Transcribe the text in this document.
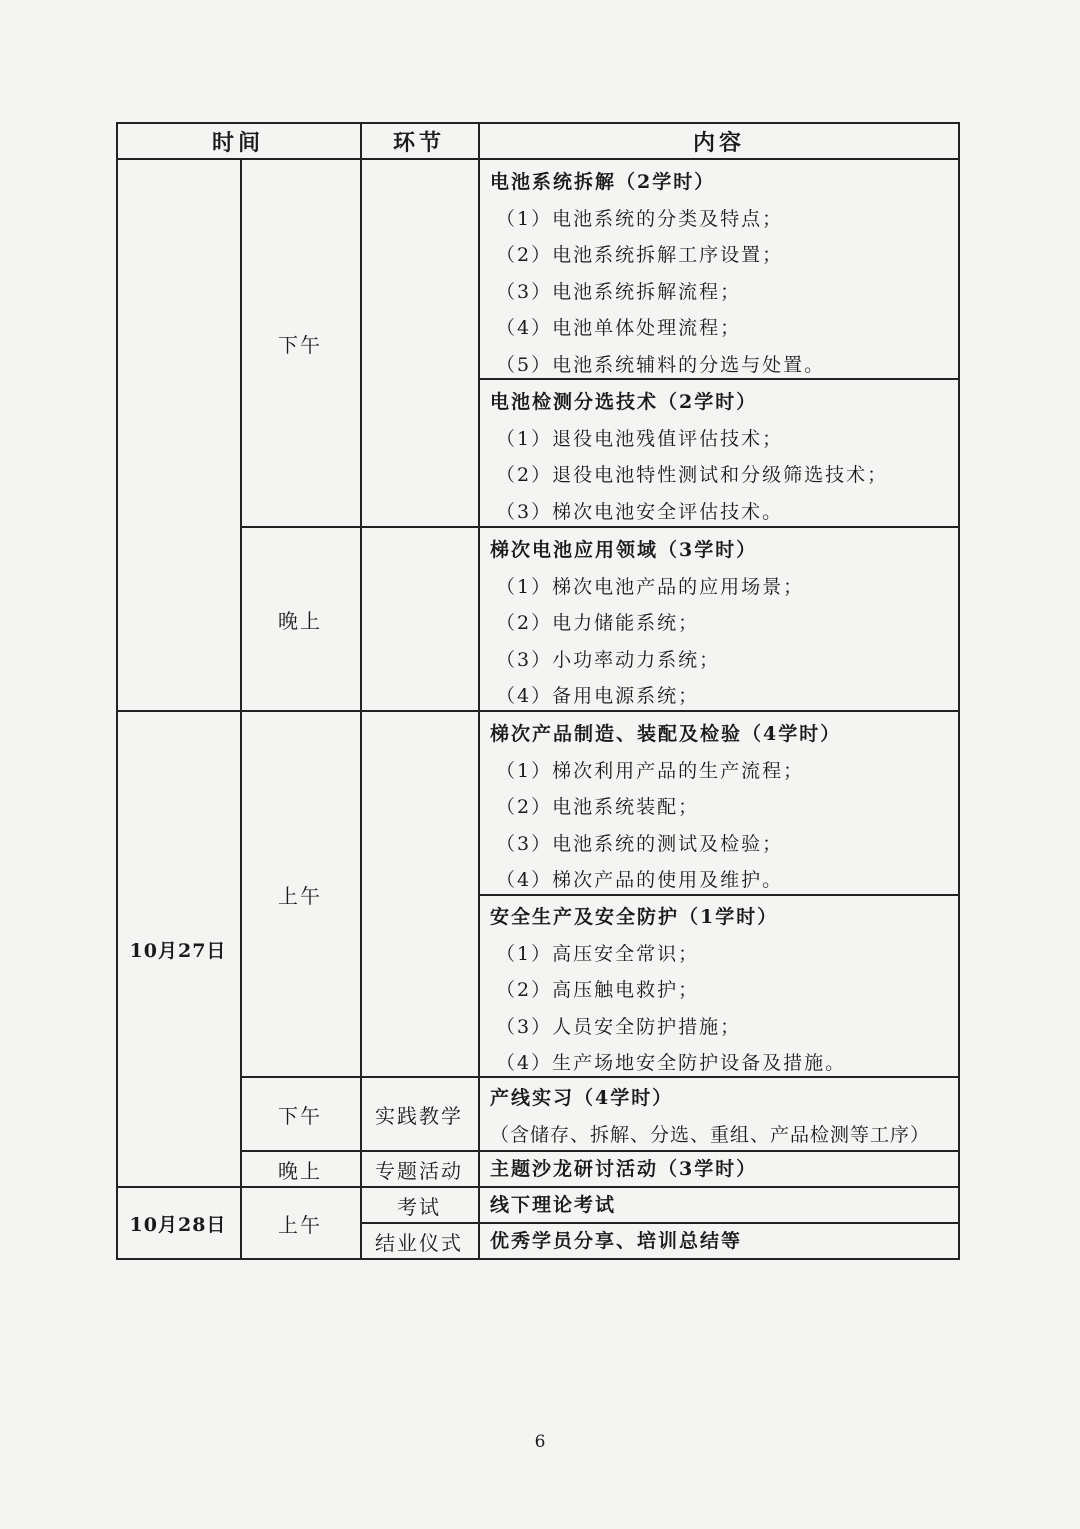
时间	环节	内容
10月27日
10月28日
下午
晚上
上午
下午
晚上
上午
实践教学
专题活动
考试
结业仪式
电池系统拆解（2学时）
（1）电池系统的分类及特点；
（2）电池系统拆解工序设置；
（3）电池系统拆解流程；
（4）电池单体处理流程；
（5）电池系统辅料的分选与处置。
电池检测分选技术（2学时）
（1）退役电池残值评估技术；
（2）退役电池特性测试和分级筛选技术；
（3）梯次电池安全评估技术。
梯次电池应用领域（3学时）
（1）梯次电池产品的应用场景；
（2）电力储能系统；
（3）小功率动力系统；
（4）备用电源系统；
梯次产品制造、装配及检验（4学时）
（1）梯次利用产品的生产流程；
（2）电池系统装配；
（3）电池系统的测试及检验；
（4）梯次产品的使用及维护。
安全生产及安全防护（1学时）
（1）高压安全常识；
（2）高压触电救护；
（3）人员安全防护措施；
（4）生产场地安全防护设备及措施。
产线实习（4学时）
（含储存、拆解、分选、重组、产品检测等工序）
主题沙龙研讨活动（3学时）
线下理论考试
优秀学员分享、培训总结等
6
